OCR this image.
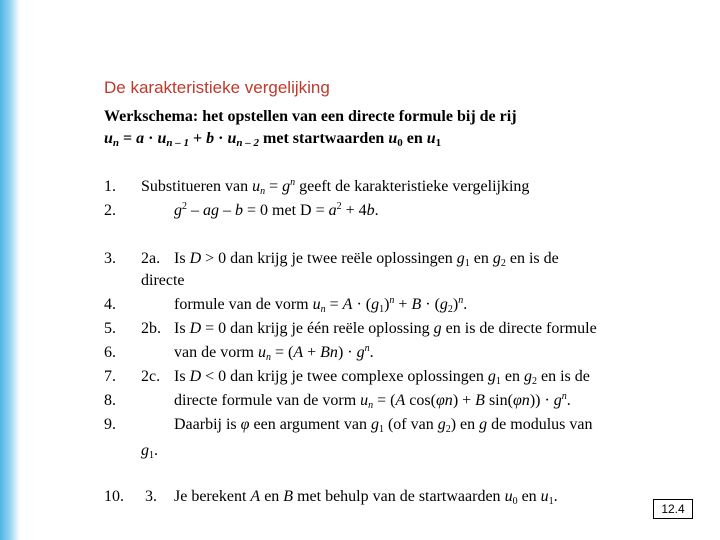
De karakteristieke vergelijking
Werkschema: het opstellen van een directe formule bij de rij
$u_n = a \cdot u_{n - 1} + b \cdot u_{n - 2}$ met startwaarden $u_0$ en $u_1$
1. Substitueren van $u_n = g^n$ geeft de karakteristieke vergelijking
2.	$g^2$ – ag – b = 0 met $D = a^2 + 4b$.
3. 2a. Is D > 0 dan krijg je twee reële oplossingen $g_1$ en $g_2$ en is de
directe
4.	formule van de vorm $u_n = A \cdot (g_1)^n + B \cdot (g_2)^n$.
5. 2b. Is D = 0 dan krijg je één reële oplossing g en is de directe formule
6.	van de vorm $u_n = (A + Bn) \cdot g^n$.
7. 2c. Is D < 0 dan krijg je twee complexe oplossingen $g_1$ en $g_2$ en is de
8.	directe formule van de vorm $u_n = (A$ cos(φn) + B $\sin(\varphi n)) \cdot g^n$.
9.	Daarbij is φ een argument van $g_1$ (of van $g_2$) en g de modulus van
$g_1$.
10. 3. Je berekent A en B met behulp van de startwaarden $u_0$ en $u_1$.
12.4
